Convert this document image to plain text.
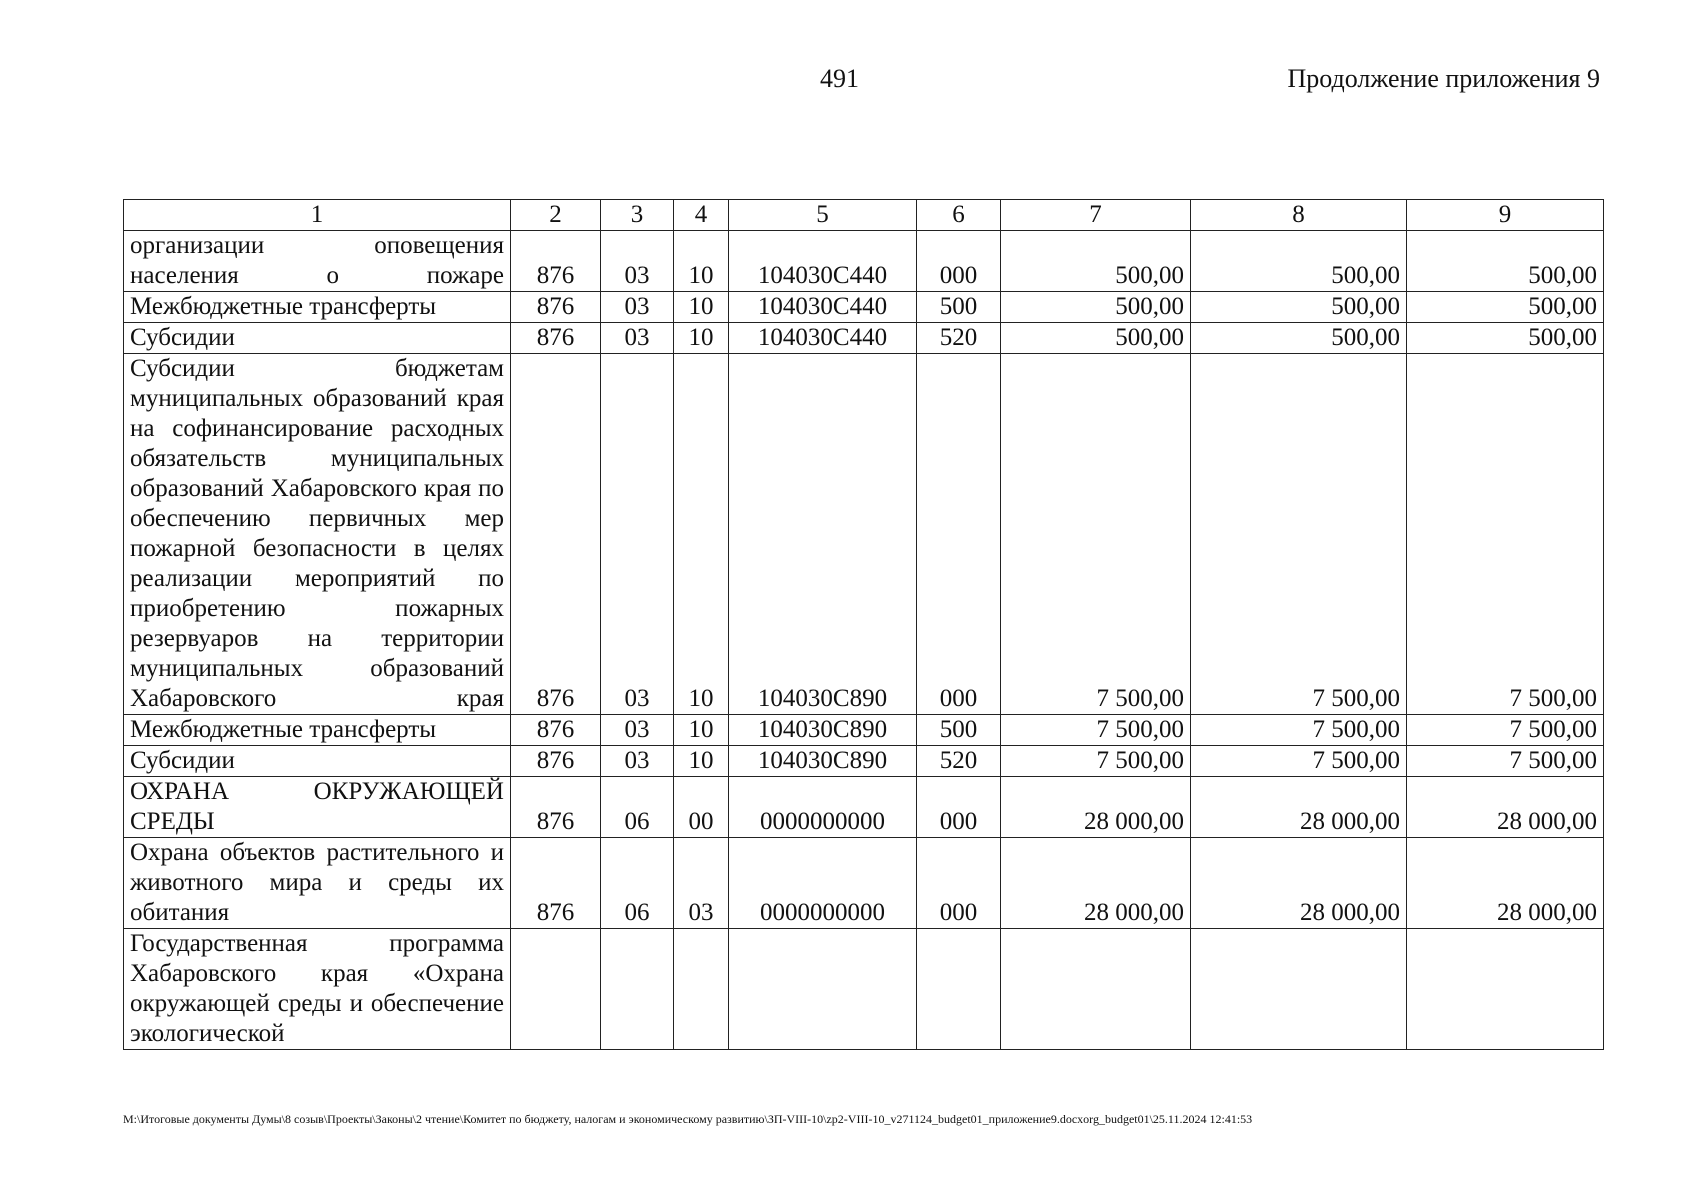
491	Продолжение приложения 9
1	2	3	4	5	6	7	8	9
организации оповещения населения о пожаре	876	03	10	104030С440	000	500,00	500,00	500,00
Межбюджетные трансферты	876	03	10	104030С440	500	500,00	500,00	500,00
Субсидии	876	03	10	104030С440	520	500,00	500,00	500,00
Субсидии бюджетам муниципальных образований края на софинансирование расходных обязательств муниципальных образований Хабаровского края по обеспечению первичных мер пожарной безопасности в целях реализации мероприятий по приобретению пожарных резервуаров на территории муниципальных образований Хабаровского края	876	03	10	104030С890	000	7 500,00	7 500,00	7 500,00
Межбюджетные трансферты	876	03	10	104030С890	500	7 500,00	7 500,00	7 500,00
Субсидии	876	03	10	104030С890	520	7 500,00	7 500,00	7 500,00
ОХРАНА ОКРУЖАЮЩЕЙ СРЕДЫ	876	06	00	0000000000	000	28 000,00	28 000,00	28 000,00
Охрана объектов растительного и животного мира и среды их обитания	876	06	03	0000000000	000	28 000,00	28 000,00	28 000,00
Государственная программа Хабаровского края «Охрана окружающей среды и обеспечение экологической								
M:\Итоговые документы Думы\8 созыв\Проекты\Законы\2 чтение\Комитет по бюджету, налогам и экономическому развитию\ЗП-VIII-10\zp2-VIII-10_v271124_budget01_приложение9.docxorg_budget01\25.11.2024 12:41:53
